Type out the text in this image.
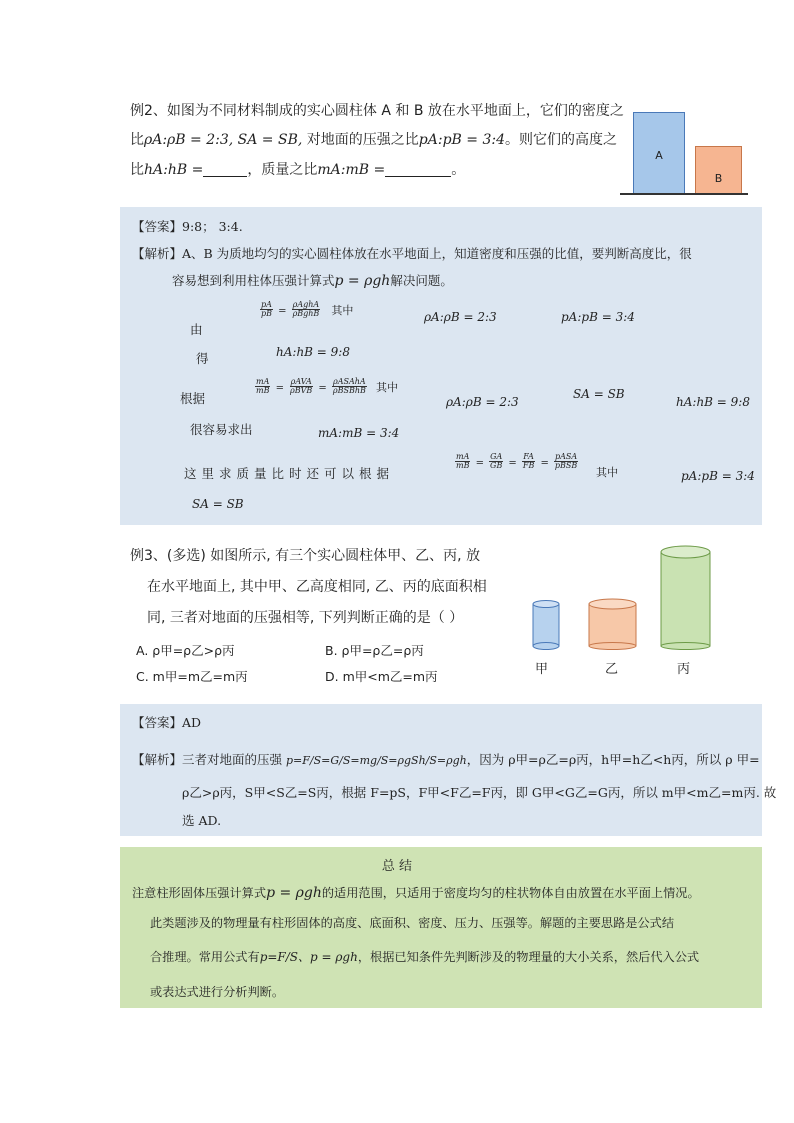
例2、如图为不同材料制成的实心圆柱体 A 和 B 放在水平地面上，它们的密度之
比ρA:ρB = 2:3, SA = SB, 对地面的压强之比pA:pB = 3:4。则它们的高度之
比hA:hB =	，质量之比mA:mB =	。
A
B
【答案】9:8； 3:4.
【解析】A、B 为质地均匀的实心圆柱体放在水平地面上，知道密度和压强的比值，要判断高度比，很
容易想到利用柱体压强计算式p = ρgh解决问题。
$\frac{pA}{pB} = \frac{\text{ρAghA}}{\text{ρBghB}}$ 其中
由
ρA:ρB = 2:3	pA:pB = 3:4
得	hA:hB = 9:8
根据
$\frac{mA}{mB} = \frac{\text{ρAVA}}{\text{ρBVB}} = \frac{\text{ρASAhA}}{\text{ρBSBhB}}$ 其中
ρA:ρB = 2:3
SA = SB
hA:hB = 9:8
很容易求出	mA:mB = 3:4
这里求质量比时还可以根据
$\frac{mA}{mB} = \frac{GA}{GB} = \frac{FA}{FB} = \frac{\text{pASA}}{\text{pBSB}}$
其中	pA:pB = 3:4
SA = SB
例3、(多选) 如图所示, 有三个实心圆柱体甲、乙、丙, 放
在水平地面上, 其中甲、乙高度相同, 乙、丙的底面积相
同, 三者对地面的压强相等, 下列判断正确的是（ ）
A. ρ甲=ρ乙>ρ丙	B. ρ甲=ρ乙=ρ丙
C. m甲=m乙=m丙	D. m甲<m乙=m丙	甲	乙	丙
【答案】AD
【解析】三者对地面的压强 p=F/S=G/S=mg/S=ρgSh/S=ρgh，因为 ρ甲=ρ乙=ρ丙，h甲=h乙<h丙，所以 ρ 甲=
ρ乙>ρ丙，S甲<S乙=S丙，根据 F=pS，F甲<F乙=F丙，即 G甲<G乙=G丙，所以 m甲<m乙=m丙. 故
选 AD.
总 结
注意柱形固体压强计算式p = ρgh的适用范围，只适用于密度均匀的柱状物体自由放置在水平面上情况。
此类题涉及的物理量有柱形固体的高度、底面积、密度、压力、压强等。解题的主要思路是公式结
合推理。常用公式有p=F/S、p = ρgh，根据已知条件先判断涉及的物理量的大小关系，然后代入公式
或表达式进行分析判断。
